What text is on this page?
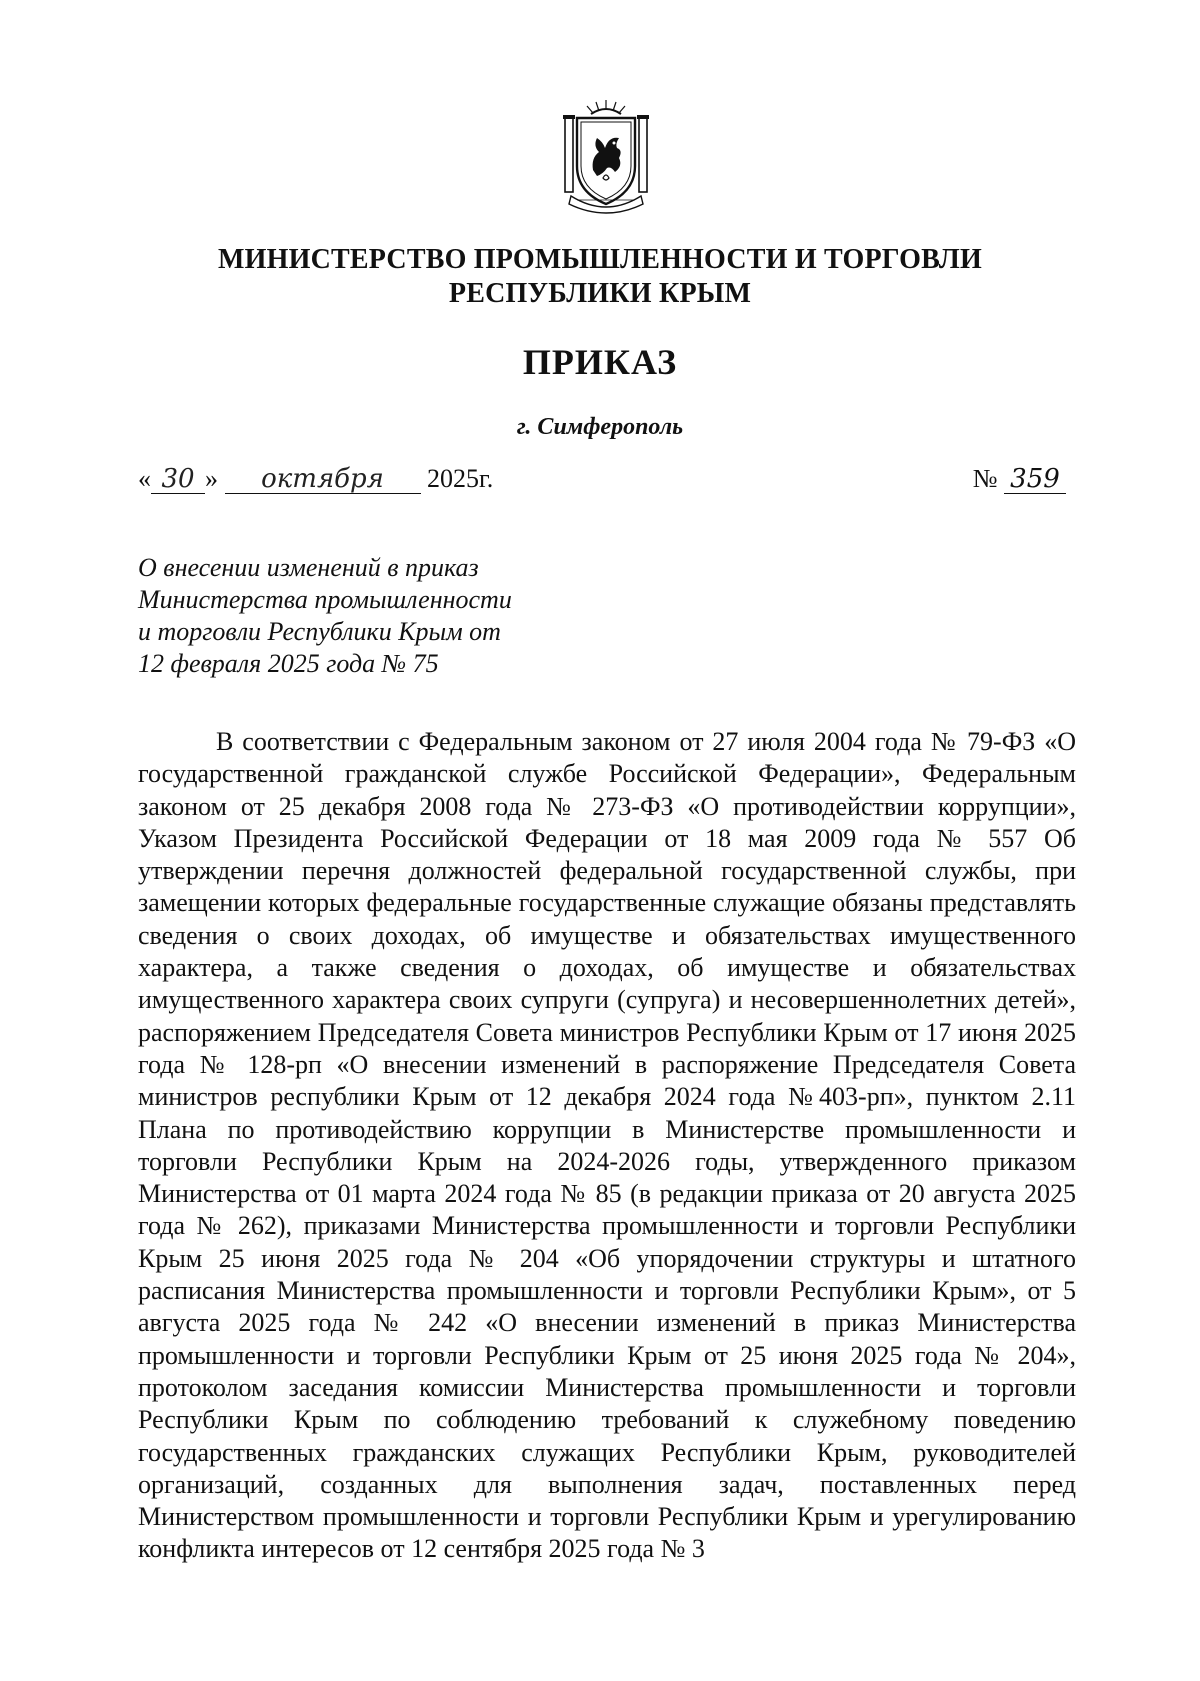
МИНИСТЕРСТВО ПРОМЫШЛЕННОСТИ И ТОРГОВЛИ
РЕСПУБЛИКИ КРЫМ
ПРИКАЗ
г. Симферополь
« 30 » октября 2025г.	№ 359
О внесении изменений в приказ
Министерства промышленности
и торговли Республики Крым от
12 февраля 2025 года № 75
В соответствии с Федеральным законом от 27 июля 2004 года № 79-ФЗ «О государственной гражданской службе Российской Федерации», Федеральным законом от 25 декабря 2008 года № 273-ФЗ «О противодействии коррупции», Указом Президента Российской Федерации от 18 мая 2009 года № 557 Об утверждении перечня должностей федеральной государственной службы, при замещении которых федеральные государственные служащие обязаны представлять сведения о своих доходах, об имуществе и обязательствах имущественного характера, а также сведения о доходах, об имуществе и обязательствах имущественного характера своих супруги (супруга) и несовершеннолетних детей», распоряжением Председателя Совета министров Республики Крым от 17 июня 2025 года № 128-рп «О внесении изменений в распоряжение Председателя Совета министров республики Крым от 12 декабря 2024 года №403-рп», пунктом 2.11 Плана по противодействию коррупции в Министерстве промышленности и торговли Республики Крым на 2024-2026 годы, утвержденного приказом Министерства от 01 марта 2024 года № 85 (в редакции приказа от 20 августа 2025 года № 262), приказами Министерства промышленности и торговли Республики Крым 25 июня 2025 года № 204 «Об упорядочении структуры и штатного расписания Министерства промышленности и торговли Республики Крым», от 5 августа 2025 года № 242 «О внесении изменений в приказ Министерства промышленности и торговли Республики Крым от 25 июня 2025 года № 204», протоколом заседания комиссии Министерства промышленности и торговли Республики Крым по соблюдению требований к служебному поведению государственных гражданских служащих Республики Крым, руководителей организаций, созданных для выполнения задач, поставленных перед Министерством промышленности и торговли Республики Крым и урегулированию конфликта интересов от 12 сентября 2025 года № 3
